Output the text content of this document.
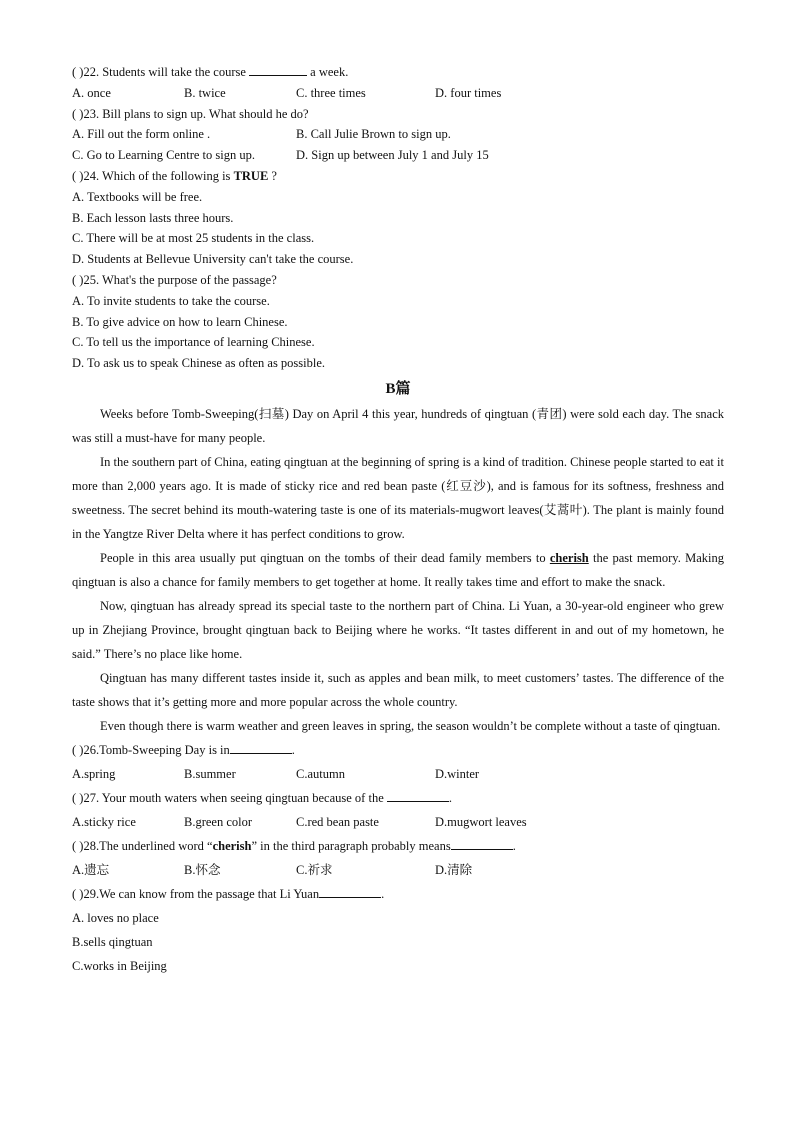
( )22. Students will take the course	a week.
A. once	B. twice	C. three times	D. four times
( )23. Bill plans to sign up. What should he do?
A. Fill out the form online .	B. Call Julie Brown to sign up.
C. Go to Learning Centre to sign up.	D. Sign up between July 1 and July 15
( )24. Which of the following is TRUE ?
A. Textbooks will be free.
B. Each lesson lasts three hours.
C. There will be at most 25 students in the class.
D. Students at Bellevue University can't take the course.
( )25. What's the purpose of the passage?
A. To invite students to take the course.
B. To give advice on how to learn Chinese.
C. To tell us the importance of learning Chinese.
D. To ask us to speak Chinese as often as possible.
B篇

Weeks before Tomb-Sweeping(扫墓) Day on April 4 this year, hundreds of qingtuan (青团) were sold each day. The snack was still a must-have for many people.

In the southern part of China, eating qingtuan at the beginning of spring is a kind of tradition. Chinese people started to eat it more than 2,000 years ago. It is made of sticky rice and red bean paste (红豆沙), and is famous for its softness, freshness and sweetness. The secret behind its mouth-watering taste is one of its materials-mugwort leaves(艾蒿叶). The plant is mainly found in the Yangtze River Delta where it has perfect conditions to grow.

People in this area usually put qingtuan on the tombs of their dead family members to cherish the past memory. Making qingtuan is also a chance for family members to get together at home. It really takes time and effort to make the snack.

Now, qingtuan has already spread its special taste to the northern part of China. Li Yuan, a 30-year-old engineer who grew up in Zhejiang Province, brought qingtuan back to Beijing where he works. “It tastes different in and out of my hometown, he said.” There’s no place like home.

Qingtuan has many different tastes inside it, such as apples and bean milk, to meet customers’ tastes. The difference of the taste shows that it’s getting more and more popular across the whole country.

Even though there is warm weather and green leaves in spring, the season wouldn’t be complete without a taste of qingtuan.

( )26.Tomb-Sweeping Day is in	.
A.spring	B.summer	C.autumn	D.winter
( )27. Your mouth waters when seeing qingtuan because of the	.
A.sticky rice	B.green color	C.red bean paste	D.mugwort leaves
( )28.The underlined word “cherish” in the third paragraph probably means	.
A.遗忘	B.怀念	C.祈求	D.清除
( )29.We can know from the passage that Li Yuan	.
A. loves no place
B.sells qingtuan
C.works in Beijing
